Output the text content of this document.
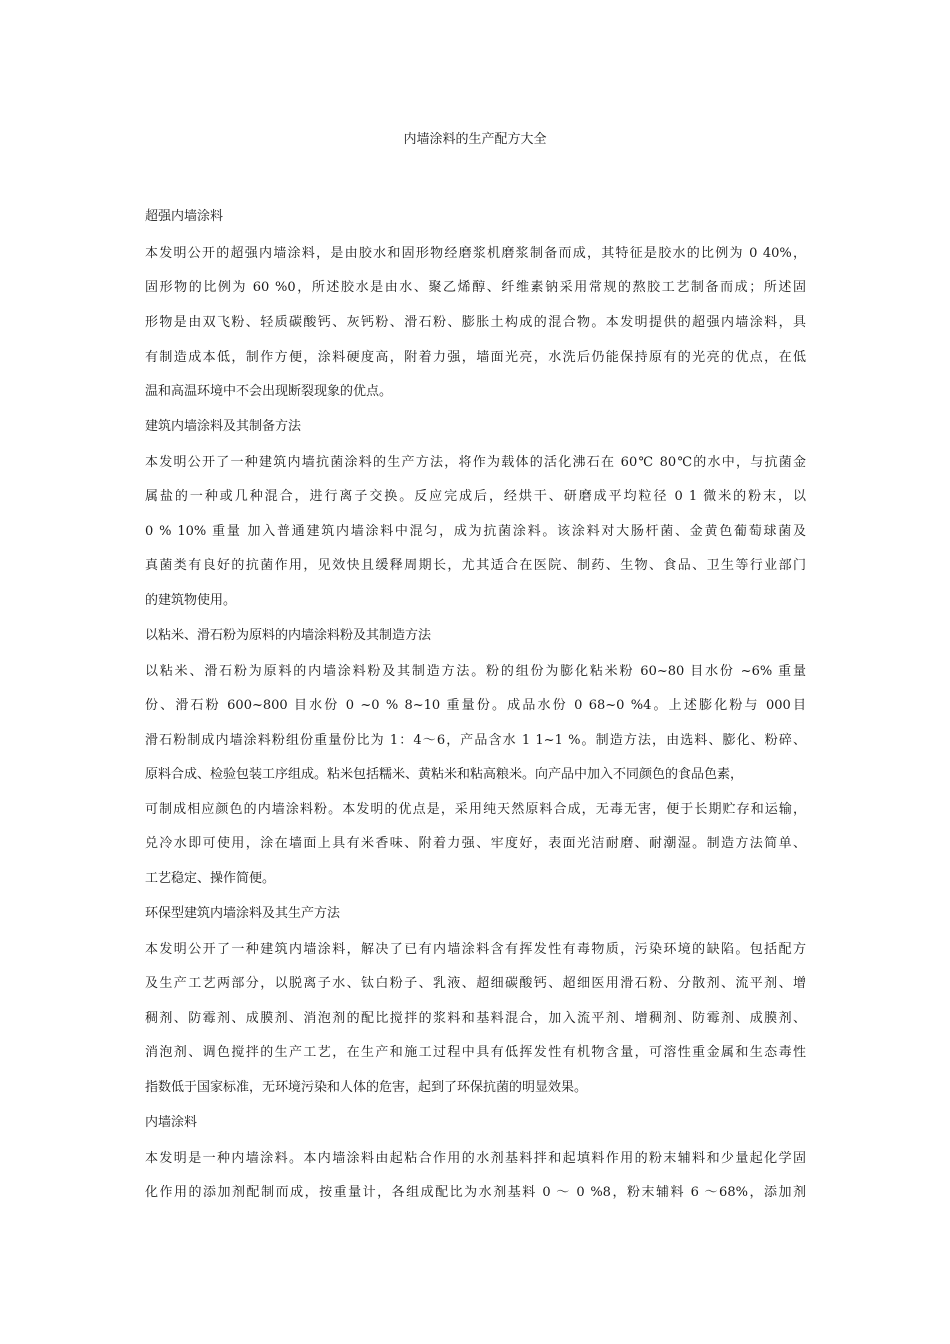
内墙涂料的生产配方大全
超强内墙涂料
本发明公开的超强内墙涂料，是由胶水和固形物经磨浆机磨浆制备而成，其特征是胶水的比例为 0 40%，
固形物的比例为 60 %0，所述胶水是由水、聚乙烯醇、纤维素钠采用常规的熬胶工艺制备而成；所述固
形物是由双飞粉、轻质碳酸钙、灰钙粉、滑石粉、膨胀土构成的混合物。本发明提供的超强内墙涂料，具
有制造成本低，制作方便，涂料硬度高，附着力强，墙面光亮，水洗后仍能保持原有的光亮的优点，在低
温和高温环境中不会出现断裂现象的优点。
建筑内墙涂料及其制备方法
本发明公开了一种建筑内墙抗菌涂料的生产方法，将作为载体的活化沸石在 60℃ 80℃的水中，与抗菌金
属盐的一种或几种混合，进行离子交换。反应完成后，经烘干、研磨成平均粒径 0 1 微米的粉末，以
0 % 10% 重量 加入普通建筑内墙涂料中混匀，成为抗菌涂料。该涂料对大肠杆菌、金黄色葡萄球菌及
真菌类有良好的抗菌作用，见效快且缓释周期长，尤其适合在医院、制药、生物、食品、卫生等行业部门
的建筑物使用。
以粘米、滑石粉为原料的内墙涂料粉及其制造方法
以粘米、滑石粉为原料的内墙涂料粉及其制造方法。粉的组份为膨化粘米粉 60~80 目水份 ~6% 重量
份、滑石粉 600~800 目水份 0 ~0 % 8~10 重量份。成品水份 0 68~0 %4。上述膨化粉与 000目
滑石粉制成内墙涂料粉组份重量份比为 1：4～6，产品含水 1 1~1 %。制造方法，由选料、膨化、粉碎、
原料合成、检验包装工序组成。粘米包括糯米、黄粘米和粘高粮米。向产品中加入不同颜色的食品色素，
可制成相应颜色的内墙涂料粉。本发明的优点是，采用纯天然原料合成，无毒无害，便于长期贮存和运输，
兑冷水即可使用，涂在墙面上具有米香味、附着力强、牢度好，表面光洁耐磨、耐潮湿。制造方法简单、
工艺稳定、操作简便。
环保型建筑内墙涂料及其生产方法
本发明公开了一种建筑内墙涂料，解决了已有内墙涂料含有挥发性有毒物质，污染环境的缺陷。包括配方
及生产工艺两部分，以脱离子水、钛白粉子、乳液、超细碳酸钙、超细医用滑石粉、分散剂、流平剂、增
稠剂、防霉剂、成膜剂、消泡剂的配比搅拌的浆料和基料混合，加入流平剂、增稠剂、防霉剂、成膜剂、
消泡剂、调色搅拌的生产工艺，在生产和施工过程中具有低挥发性有机物含量，可溶性重金属和生态毒性
指数低于国家标准，无环境污染和人体的危害，起到了环保抗菌的明显效果。
内墙涂料
本发明是一种内墙涂料。本内墙涂料由起粘合作用的水剂基料拌和起填料作用的粉末辅料和少量起化学固
化作用的添加剂配制而成，按重量计，各组成配比为水剂基料 0 ～ 0 %8，粉末辅料 6 ～68%，添加剂
